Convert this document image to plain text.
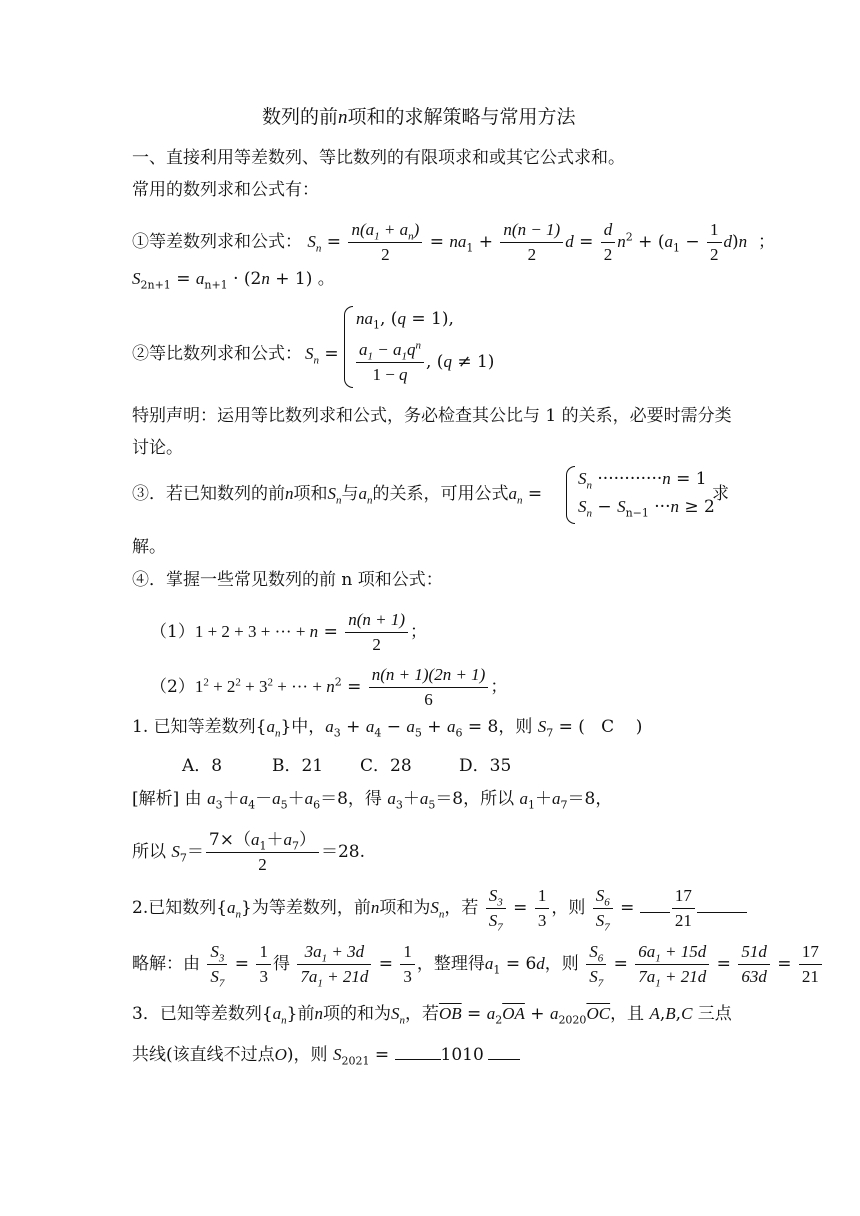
数列的前n项和的求解策略与常用方法
一、直接利用等差数列、等比数列的有限项求和或其它公式求和。
常用的数列求和公式有：
①等差数列求和公式： $S_n = \frac{n(a_1 + a_n)}{2} = na_1 + \frac{n(n - 1)}{2}$ $d = \frac{d}{2} n^2 + (a_1 - \frac{1}{2} d)n$  ；
$S_{2n+1} = a_{n+1} \cdot (2n + 1)$ 。
②等比数列求和公式： $S_n$ =
$na_1$, (q = 1),
$\frac{a_1 - a_1q^n}{1 - q}$ , (q ≠ 1)
特别声明：运用等比数列求和公式，务必检查其公比与 1 的关系，必要时需分类
讨论。
③．若已知数列的前n项和$S_n$与$a_n$的关系，可用公式$a_n$ =
$S_n \cdot\cdot\cdot\cdot\cdot\cdot\cdot\cdot\cdot\cdot\cdot\cdot n = 1$
$S_n - S_{n-1} \cdot\cdot\cdot n \ge 2$
求
解。
④．掌握一些常见数列的前 n 项和公式：
（1）1 + 2 + 3 + ··· + $n = \frac{n(n + 1)}{2}$ ；
$(2)1^2 + 2^2 + 3^2$ + ··· + $n^2 = \frac{n(n + 1)(2n + 1)}{6}$ ；
1. 已知等差数列$\{a_n\}$中，$a_3 + a_4 - a_5 + a_6 = 8$，则 $S_7$ = (   C    )
A．8	B．21 C．28	D．35
[解析] 由 $a_3+a_4-a_5+a_6=8$，得 $a_3+a_5=8$，所以 $a_1+a_7=8$，
所以 $S_7= \frac{7\times(a_1+a_7)}{2} =28$.
2.已知数列$\{a_n\}$为等差数列，前n项和为$S_n$，若 $\frac{S_3}{S_7} = \frac{1}{3}$ ，则 $\frac{S_6}{S_7} = \frac{17}{21}$
略解：由 $\frac{S_3}{S_7} = \frac{1}{3}$ 得 $\frac{3a_1 + 3d}{7a_1 + 21d} = \frac{1}{3}$ ，整理得$a_1 = 6d$，则 $\frac{S_6}{S_7} = \frac{6a_1 + 15d}{7a_1 + 21d} = \frac{51d}{63d} = \frac{17}{21}$
3．已知等差数列$\{a_n\}$前n项的和为$S_n$，若$\overline{OB} = a_2\overline{OA} + a_{2020}\overline{OC}$，且 A,B,C 三点
共线(该直线不过点O)，则 $S_{2021}$ =	1010
